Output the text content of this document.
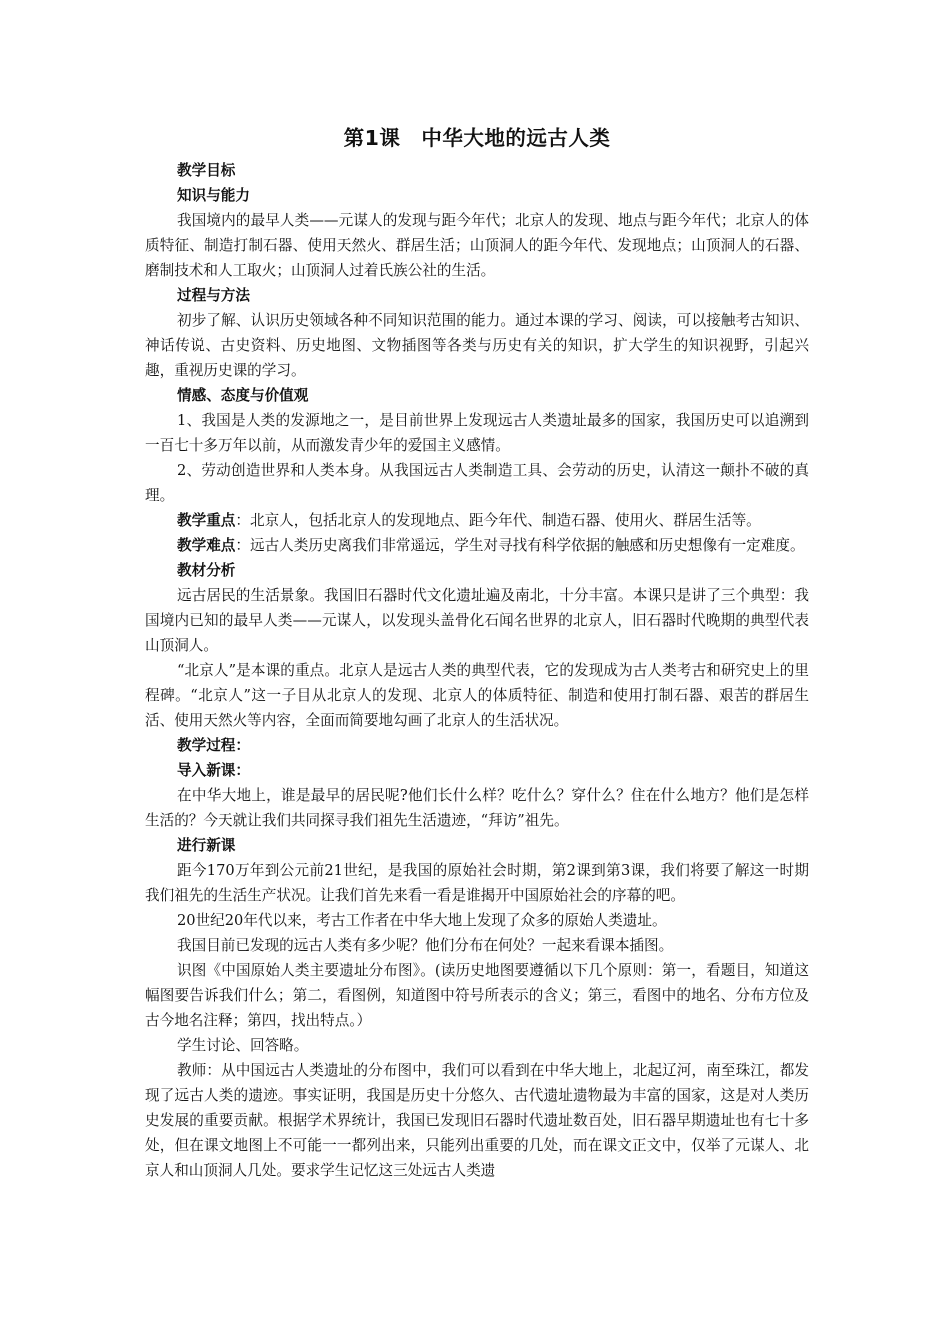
第1课　中华大地的远古人类
教学目标
知识与能力
我国境内的最早人类——元谋人的发现与距今年代；北京人的发现、地点与距今年代；北京人的体质特征、制造打制石器、使用天然火、群居生活；山顶洞人的距今年代、发现地点；山顶洞人的石器、磨制技术和人工取火；山顶洞人过着氏族公社的生活。
过程与方法
初步了解、认识历史领域各种不同知识范围的能力。通过本课的学习、阅读，可以接触考古知识、神话传说、古史资料、历史地图、文物插图等各类与历史有关的知识，扩大学生的知识视野，引起兴趣，重视历史课的学习。
情感、态度与价值观
1、我国是人类的发源地之一，是目前世界上发现远古人类遗址最多的国家，我国历史可以追溯到一百七十多万年以前，从而激发青少年的爱国主义感情。
2、劳动创造世界和人类本身。从我国远古人类制造工具、会劳动的历史，认清这一颠扑不破的真理。
教学重点：北京人，包括北京人的发现地点、距今年代、制造石器、使用火、群居生活等。
教学难点：远古人类历史离我们非常遥远，学生对寻找有科学依据的触感和历史想像有一定难度。
教材分析
远古居民的生活景象。我国旧石器时代文化遗址遍及南北，十分丰富。本课只是讲了三个典型：我国境内已知的最早人类——元谋人，以发现头盖骨化石闻名世界的北京人，旧石器时代晚期的典型代表山顶洞人。
“北京人”是本课的重点。北京人是远古人类的典型代表，它的发现成为古人类考古和研究史上的里程碑。“北京人”这一子目从北京人的发现、北京人的体质特征、制造和使用打制石器、艰苦的群居生活、使用天然火等内容，全面而简要地勾画了北京人的生活状况。
教学过程：
导入新课：
在中华大地上，谁是最早的居民呢?他们长什么样？吃什么？穿什么？住在什么地方？他们是怎样生活的？今天就让我们共同探寻我们祖先生活遗迹，“拜访”祖先。
进行新课
距今170万年到公元前21世纪，是我国的原始社会时期，第2课到第3课，我们将要了解这一时期我们祖先的生活生产状况。让我们首先来看一看是谁揭开中国原始社会的序幕的吧。
20世纪20年代以来，考古工作者在中华大地上发现了众多的原始人类遗址。
我国目前已发现的远古人类有多少呢？他们分布在何处？一起来看课本插图。
识图《中国原始人类主要遗址分布图》。(读历史地图要遵循以下几个原则：第一，看题目，知道这幅图要告诉我们什么；第二，看图例，知道图中符号所表示的含义；第三，看图中的地名、分布方位及古今地名注释；第四，找出特点。）
学生讨论、回答略。
教师：从中国远古人类遗址的分布图中，我们可以看到在中华大地上，北起辽河，南至珠江，都发现了远古人类的遗迹。事实证明，我国是历史十分悠久、古代遗址遗物最为丰富的国家，这是对人类历史发展的重要贡献。根据学术界统计，我国已发现旧石器时代遗址数百处，旧石器早期遗址也有七十多处，但在课文地图上不可能一一都列出来，只能列出重要的几处，而在课文正文中，仅举了元谋人、北京人和山顶洞人几处。要求学生记忆这三处远古人类遗
